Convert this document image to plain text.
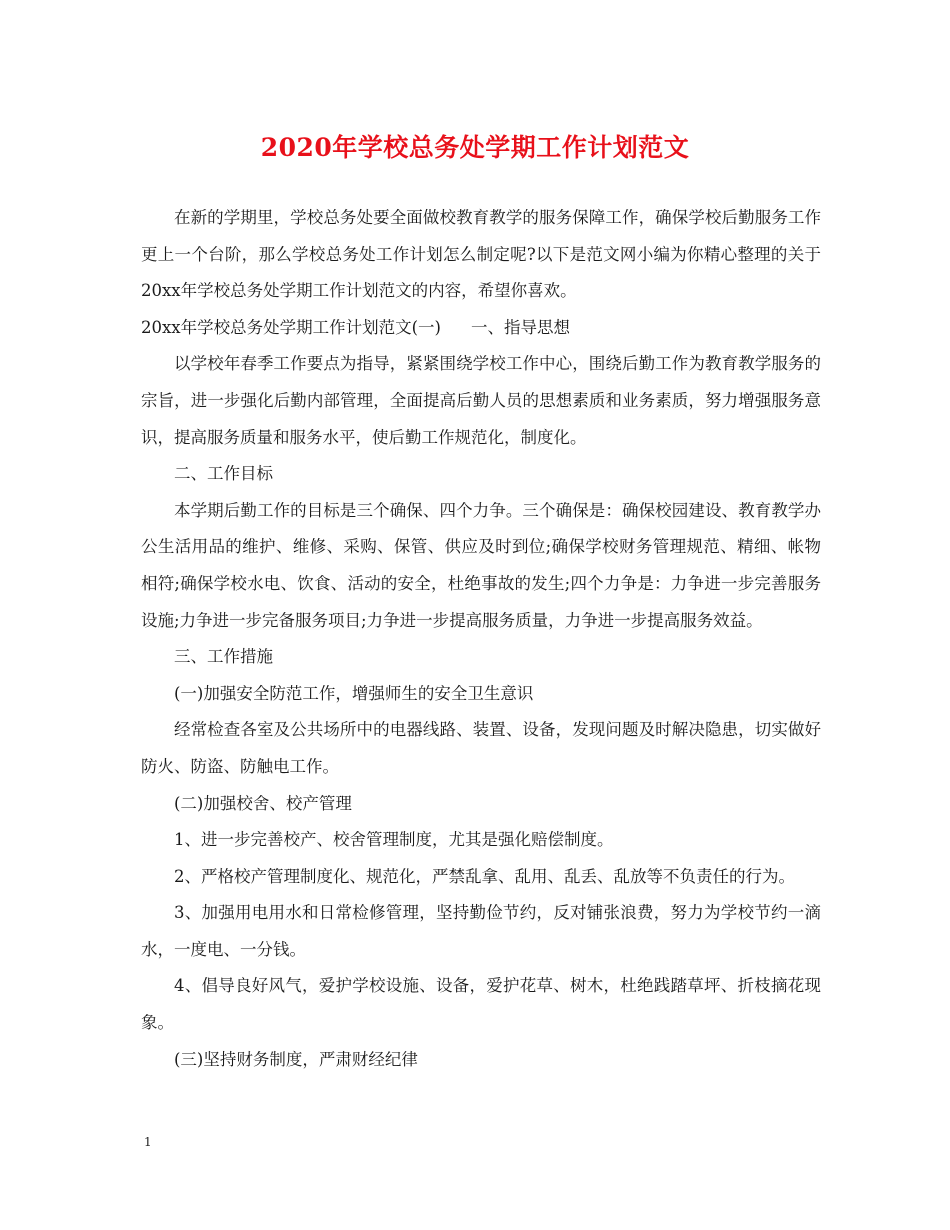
2020年学校总务处学期工作计划范文

在新的学期里，学校总务处要全面做校教育教学的服务保障工作，确保学校后勤服务工作更上一个台阶，那么学校总务处工作计划怎么制定呢?以下是范文网小编为你精心整理的关于20xx年学校总务处学期工作计划范文的内容，希望你喜欢。

20xx年学校总务处学期工作计划范文(一) 一、指导思想

以学校年春季工作要点为指导，紧紧围绕学校工作中心，围绕后勤工作为教育教学服务的宗旨，进一步强化后勤内部管理，全面提高后勤人员的思想素质和业务素质，努力增强服务意识，提高服务质量和服务水平，使后勤工作规范化，制度化。

二、工作目标

本学期后勤工作的目标是三个确保、四个力争。三个确保是：确保校园建设、教育教学办公生活用品的维护、维修、采购、保管、供应及时到位;确保学校财务管理规范、精细、帐物相符;确保学校水电、饮食、活动的安全，杜绝事故的发生;四个力争是：力争进一步完善服务设施;力争进一步完备服务项目;力争进一步提高服务质量，力争进一步提高服务效益。

三、工作措施

(一)加强安全防范工作，增强师生的安全卫生意识

经常检查各室及公共场所中的电器线路、装置、设备，发现问题及时解决隐患，切实做好防火、防盗、防触电工作。

(二)加强校舍、校产管理

1、进一步完善校产、校舍管理制度，尤其是强化赔偿制度。

2、严格校产管理制度化、规范化，严禁乱拿、乱用、乱丢、乱放等不负责任的行为。

3、加强用电用水和日常检修管理，坚持勤俭节约，反对铺张浪费，努力为学校节约一滴水，一度电、一分钱。

4、倡导良好风气，爱护学校设施、设备，爱护花草、树木，杜绝践踏草坪、折枝摘花现象。

(三)坚持财务制度，严肃财经纪律

1
